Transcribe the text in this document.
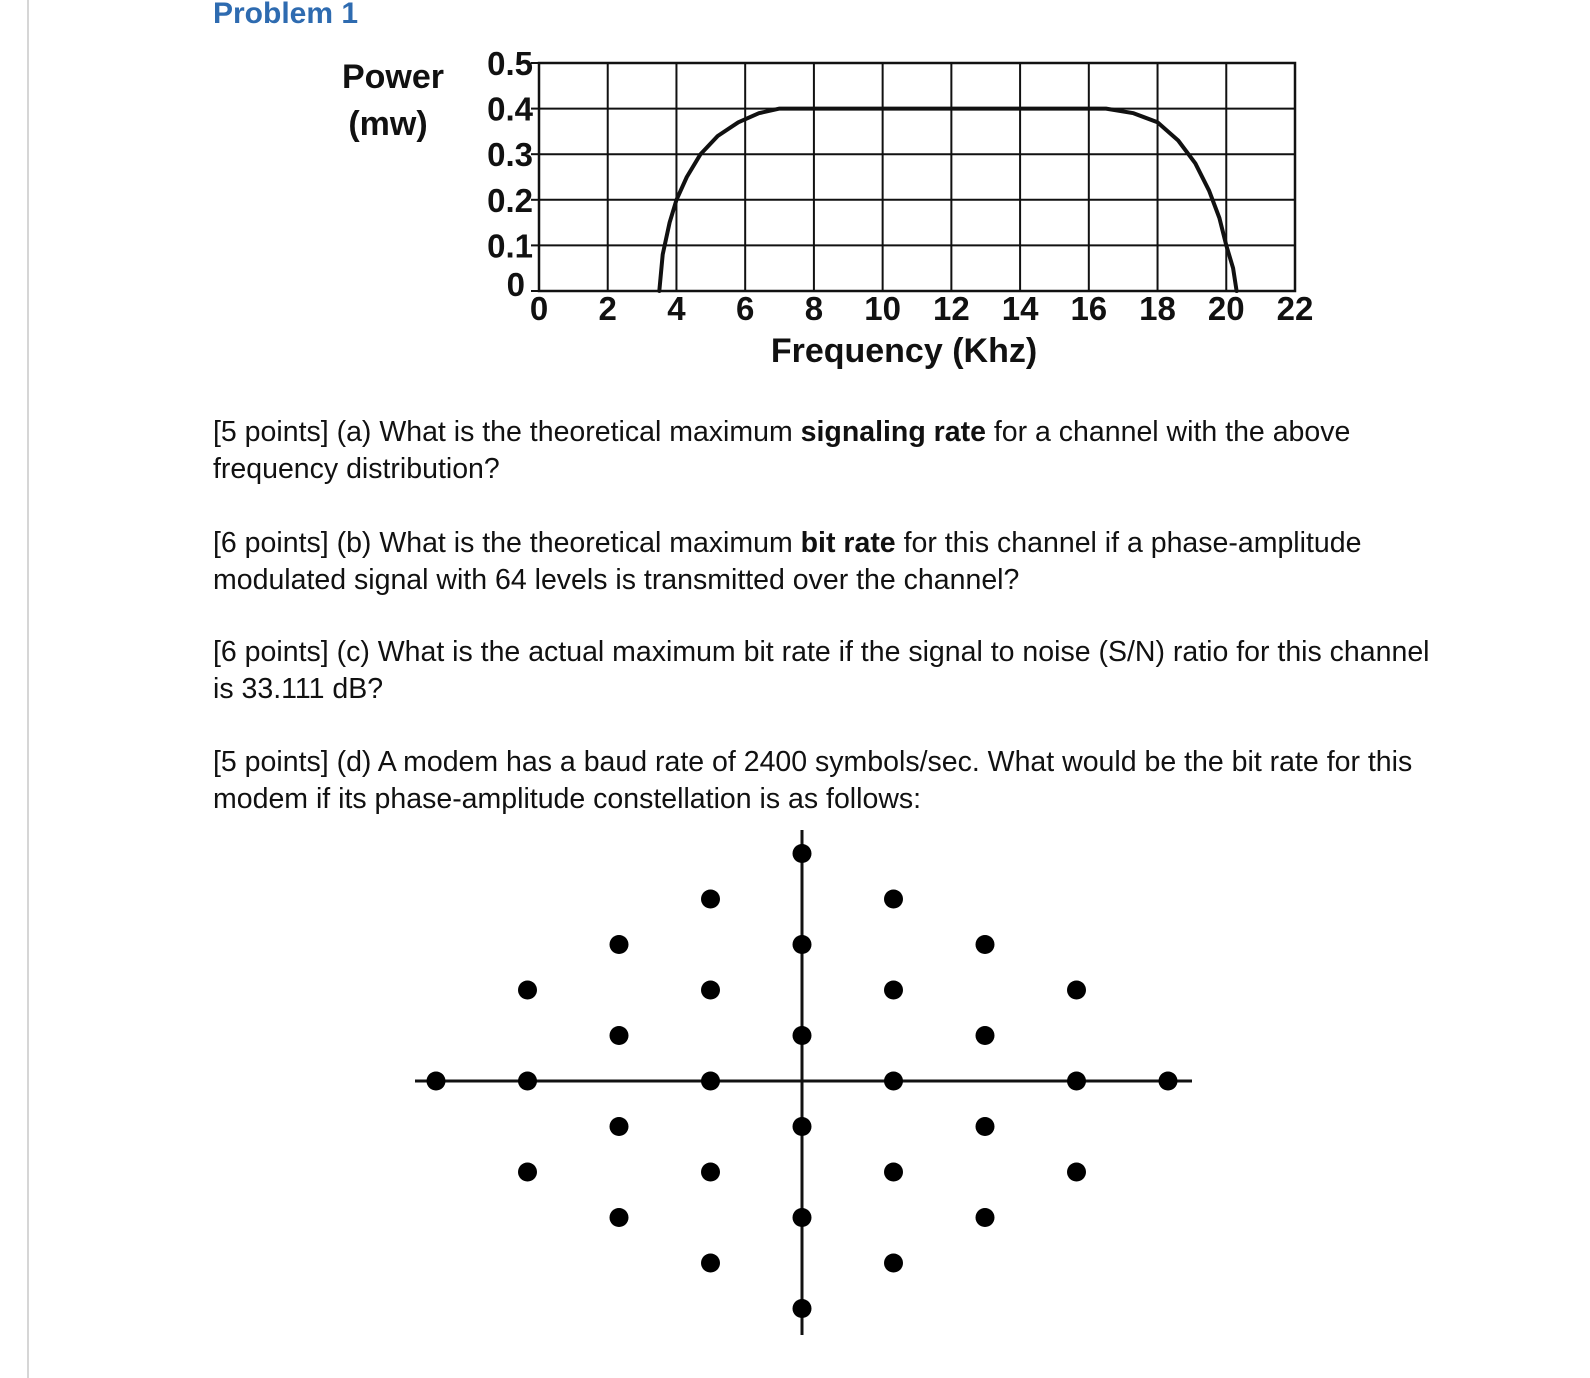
Problem 1
0
0.1
0.2
0.3
0.4
0.5
0 2 4 6 8 10 12 14 16 18 20 22
Power
(mw)
Frequency (Khz)

[5 points] (a) What is the theoretical maximum signaling rate for a channel with the above frequency distribution?

[6 points] (b) What is the theoretical maximum bit rate for this channel if a phase-amplitude modulated signal with 64 levels is transmitted over the channel?

[6 points] (c) What is the actual maximum bit rate if the signal to noise (S/N) ratio for this channel is 33.111 dB?

[5 points] (d) A modem has a baud rate of 2400 symbols/sec. What would be the bit rate for this modem if its phase-amplitude constellation is as follows:
